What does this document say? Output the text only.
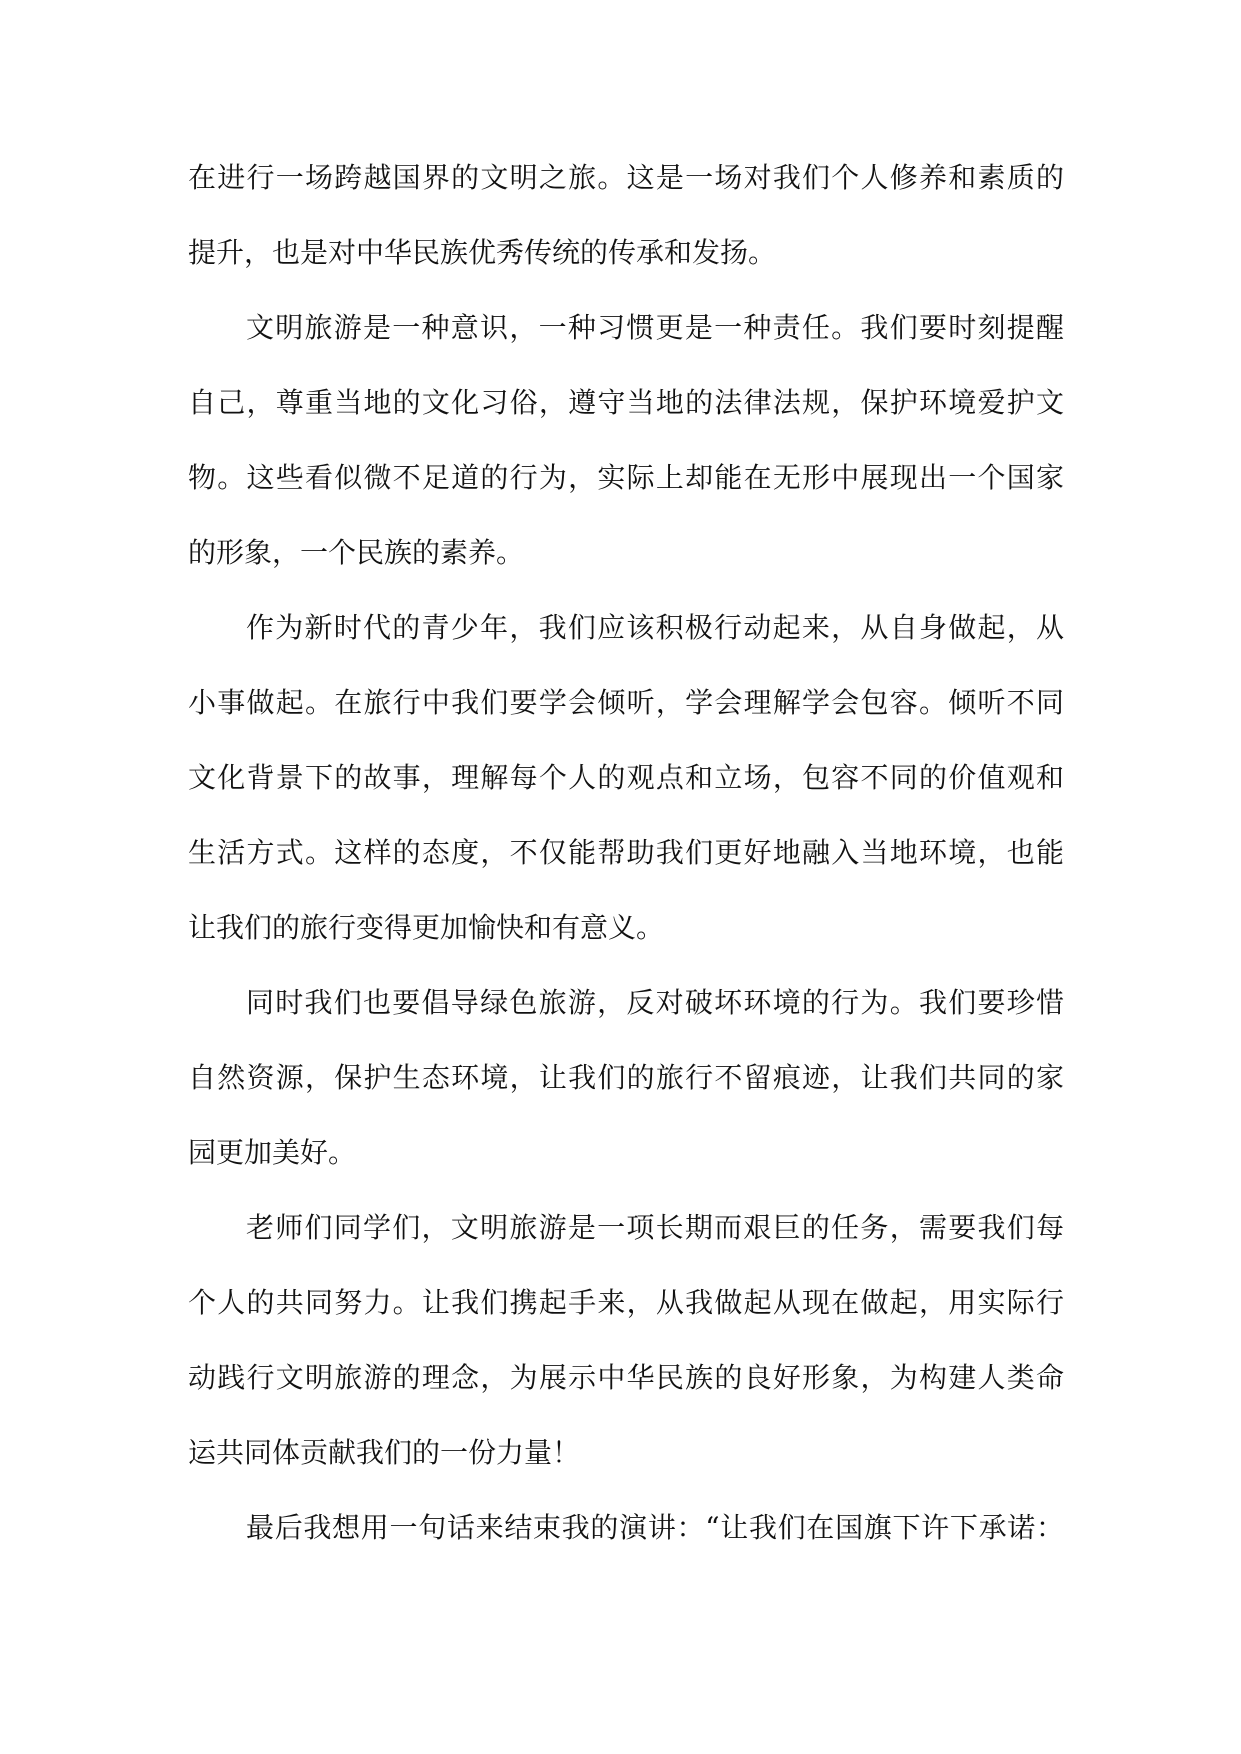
在进行一场跨越国界的文明之旅。这是一场对我们个人修养和素质的
提升，也是对中华民族优秀传统的传承和发扬。
文明旅游是一种意识，一种习惯更是一种责任。我们要时刻提醒
自己，尊重当地的文化习俗，遵守当地的法律法规，保护环境爱护文
物。这些看似微不足道的行为，实际上却能在无形中展现出一个国家
的形象，一个民族的素养。
作为新时代的青少年，我们应该积极行动起来，从自身做起，从
小事做起。在旅行中我们要学会倾听，学会理解学会包容。倾听不同
文化背景下的故事，理解每个人的观点和立场，包容不同的价值观和
生活方式。这样的态度，不仅能帮助我们更好地融入当地环境，也能
让我们的旅行变得更加愉快和有意义。
同时我们也要倡导绿色旅游，反对破坏环境的行为。我们要珍惜
自然资源，保护生态环境，让我们的旅行不留痕迹，让我们共同的家
园更加美好。
老师们同学们，文明旅游是一项长期而艰巨的任务，需要我们每
个人的共同努力。让我们携起手来，从我做起从现在做起，用实际行
动践行文明旅游的理念，为展示中华民族的良好形象，为构建人类命
运共同体贡献我们的一份力量！
最后我想用一句话来结束我的演讲：“让我们在国旗下许下承诺：
